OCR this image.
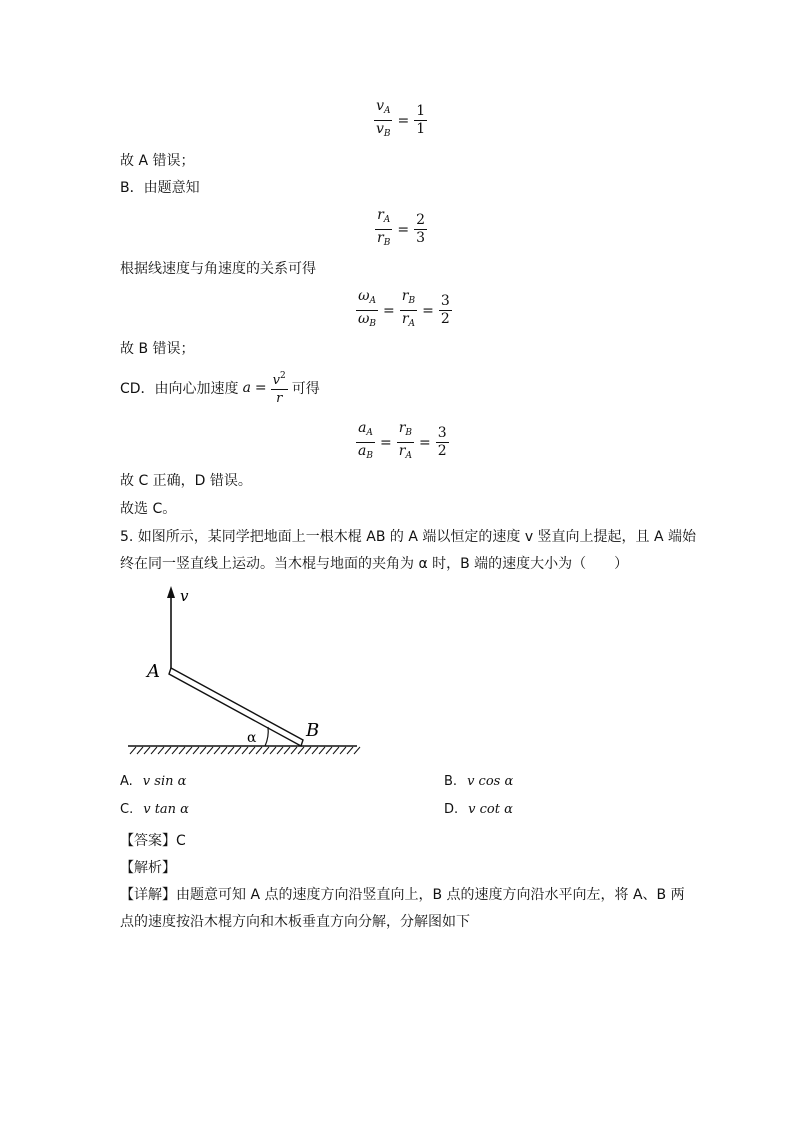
$\frac{v_A}{v_B} = \frac{1}{1}$
故 A 错误；
B．由题意知
$\frac{r_A}{r_B} = \frac{2}{3}$
根据线速度与角速度的关系可得
$\frac{\omega_A}{\omega_B} = \frac{r_B}{r_A} = \frac{3}{2}$
故 B 错误；
CD．由向心加速度 $a = \frac{v^2}{r}$ 可得
$\frac{a_A}{a_B} = \frac{r_B}{r_A} = \frac{3}{2}$
故 C 正确，D 错误。
故选 C。
5. 如图所示，某同学把地面上一根木棍 AB 的 A 端以恒定的速度 v 竖直向上提起，且 A 端始
终在同一竖直线上运动。当木棍与地面的夹角为 α 时，B 端的速度大小为（　　）
v
A
B
α
A. v sin α	B. v cos α
C. v tan α	D. v cot α
【答案】C
【解析】
【详解】由题意可知 A 点的速度方向沿竖直向上，B 点的速度方向沿水平向左，将 A、B 两
点的速度按沿木棍方向和木板垂直方向分解，分解图如下
